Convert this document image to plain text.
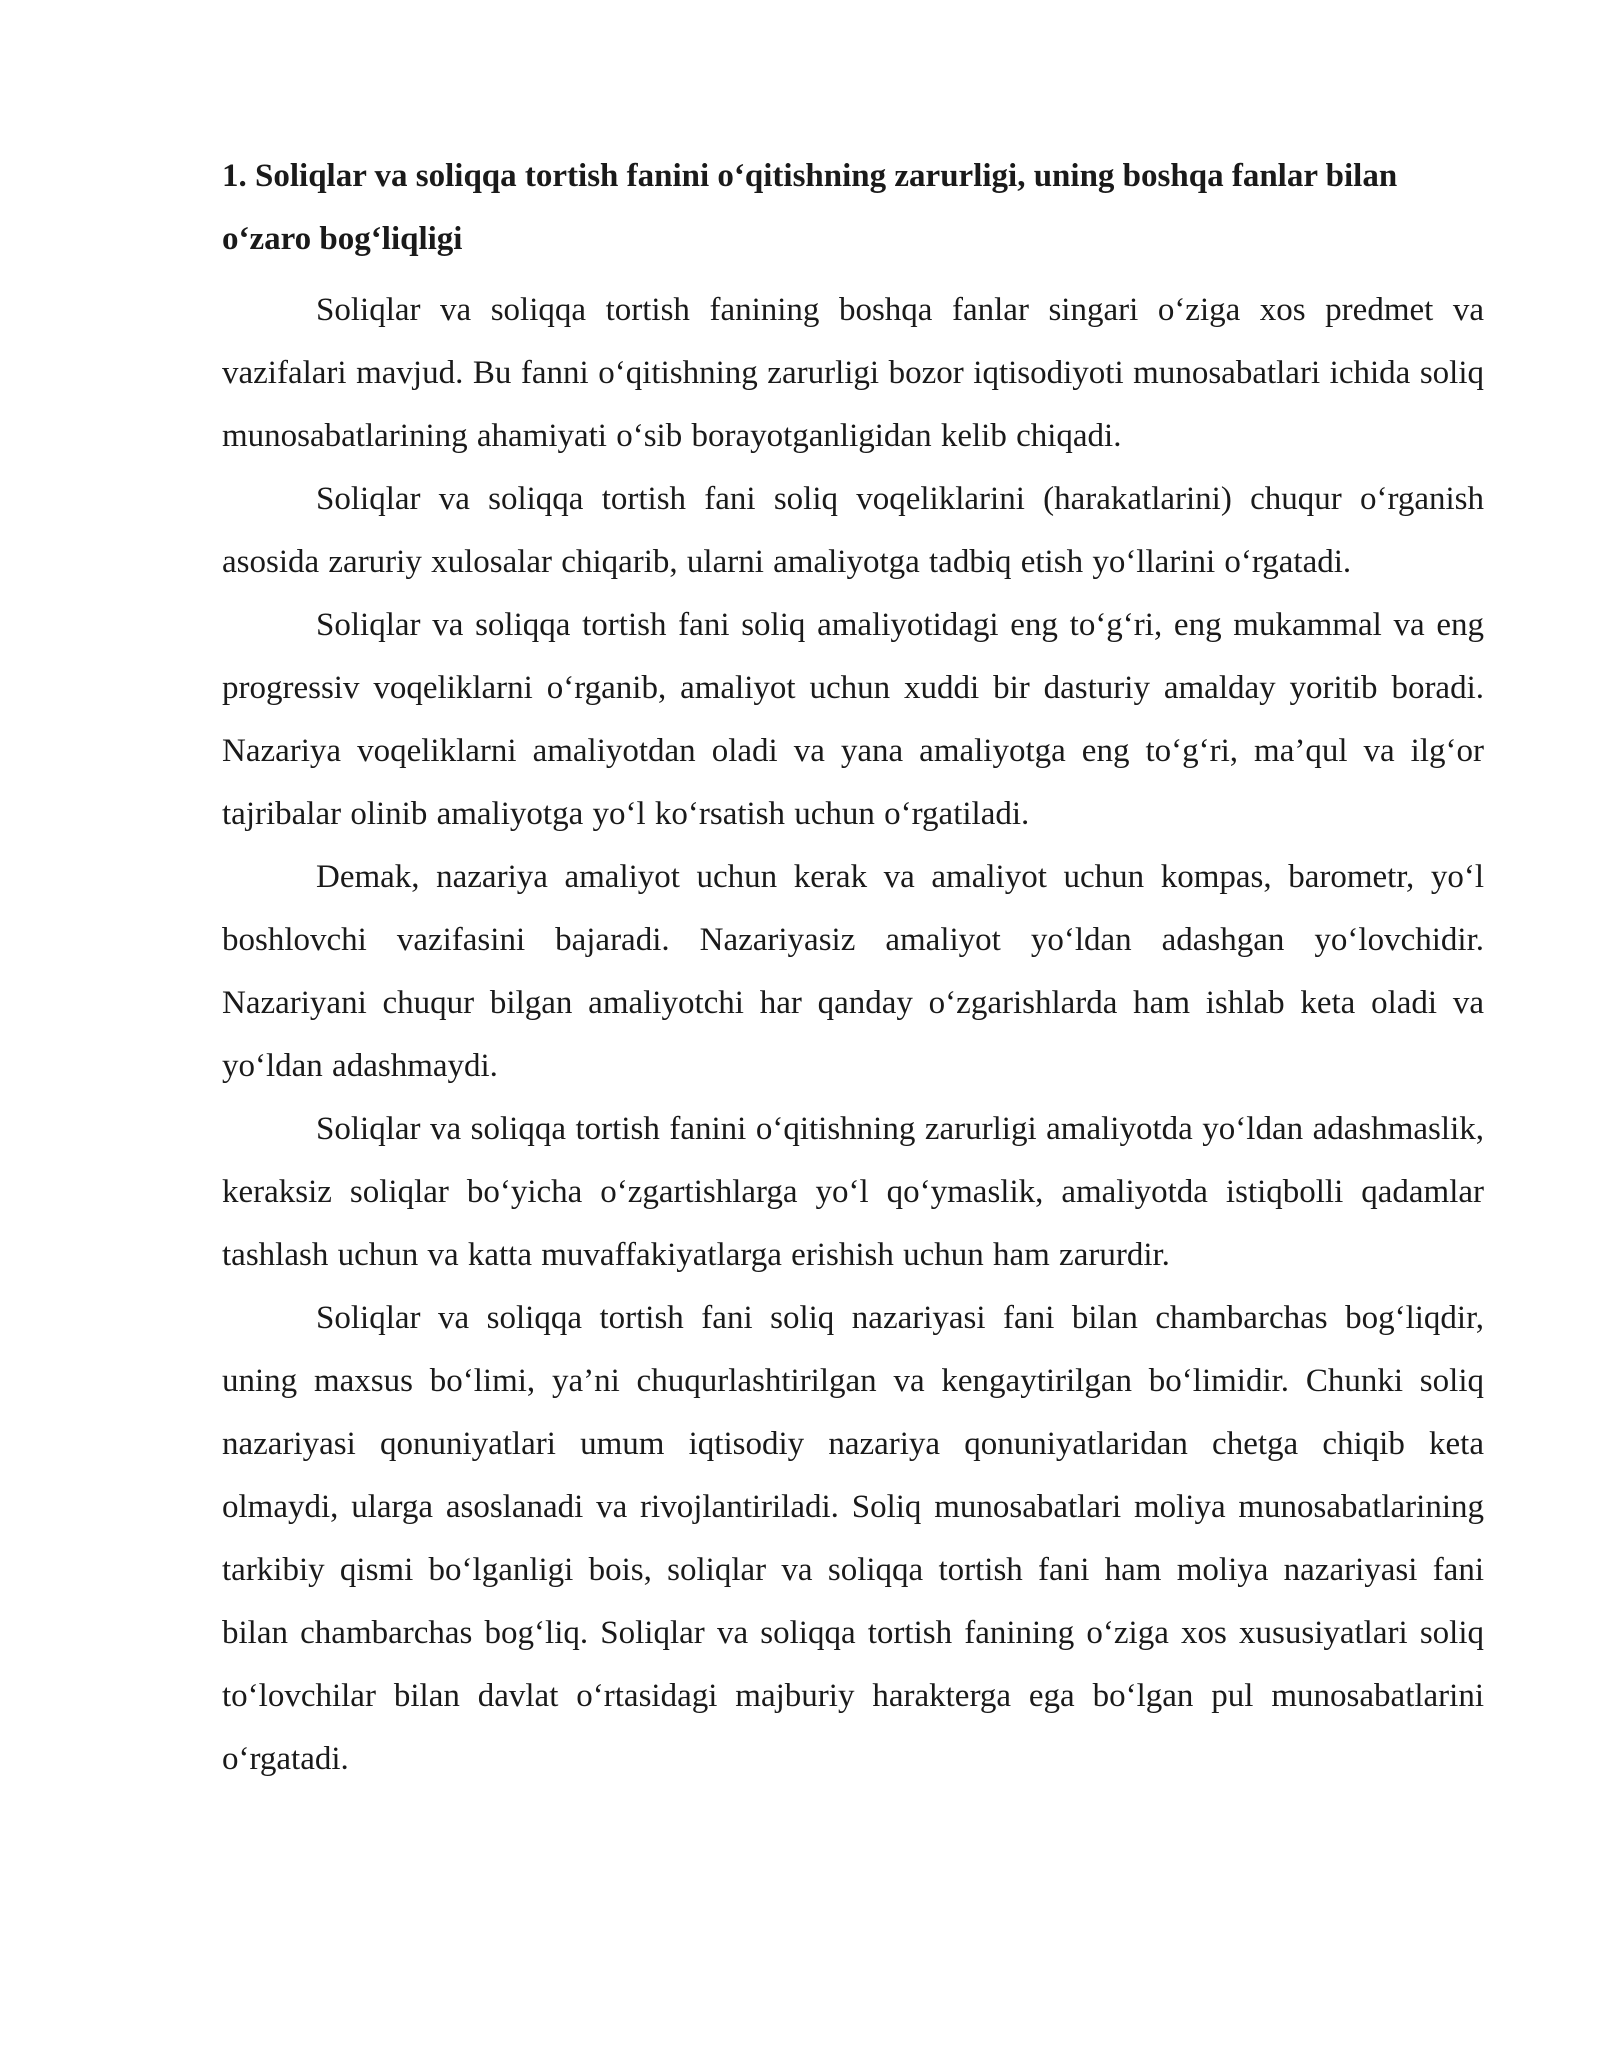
1. Soliqlar va soliqqa tortish fanini o‘qitishning zarurligi, uning boshqa fanlar bilan o‘zaro bog‘liqligi

Soliqlar va soliqqa tortish fanining boshqa fanlar singari o‘ziga xos predmet va vazifalari mavjud. Bu fanni o‘qitishning zarurligi bozor iqtisodiyoti munosabatlari ichida soliq munosabatlarining ahamiyati o‘sib borayotganligidan kelib chiqadi.

Soliqlar va soliqqa tortish fani soliq voqeliklarini (harakatlarini) chuqur o‘rganish asosida zaruriy xulosalar chiqarib, ularni amaliyotga tadbiq etish yo‘llarini o‘rgatadi.

Soliqlar va soliqqa tortish fani soliq amaliyotidagi eng to‘g‘ri, eng mukammal va eng progressiv voqeliklarni o‘rganib, amaliyot uchun xuddi bir dasturiy amalday yoritib boradi. Nazariya voqeliklarni amaliyotdan oladi va yana amaliyotga eng to‘g‘ri, ma’qul va ilg‘or tajribalar olinib amaliyotga yo‘l ko‘rsatish uchun o‘rgatiladi.

Demak, nazariya amaliyot uchun kerak va amaliyot uchun kompas, barometr, yo‘l boshlovchi vazifasini bajaradi. Nazariyasiz amaliyot yo‘ldan adashgan yo‘lovchidir. Nazariyani chuqur bilgan amaliyotchi har qanday o‘zgarishlarda ham ishlab keta oladi va yo‘ldan adashmaydi.

Soliqlar va soliqqa tortish fanini o‘qitishning zarurligi amaliyotda yo‘ldan adashmaslik, keraksiz soliqlar bo‘yicha o‘zgartishlarga yo‘l qo‘ymaslik, amaliyotda istiqbolli qadamlar tashlash uchun va katta muvaffakiyatlarga erishish uchun ham zarurdir.

Soliqlar va soliqqa tortish fani soliq nazariyasi fani bilan chambarchas bog‘liqdir, uning maxsus bo‘limi, ya’ni chuqurlashtirilgan va kengaytirilgan bo‘limidir. Chunki soliq nazariyasi qonuniyatlari umum iqtisodiy nazariya qonuniyatlaridan chetga chiqib keta olmaydi, ularga asoslanadi va rivojlantiriladi. Soliq munosabatlari moliya munosabatlarining tarkibiy qismi bo‘lganligi bois, soliqlar va soliqqa tortish fani ham moliya nazariyasi fani bilan chambarchas bog‘liq. Soliqlar va soliqqa tortish fanining o‘ziga xos xususiyatlari soliq to‘lovchilar bilan davlat o‘rtasidagi majburiy harakterga ega bo‘lgan pul munosabatlarini o‘rgatadi.
